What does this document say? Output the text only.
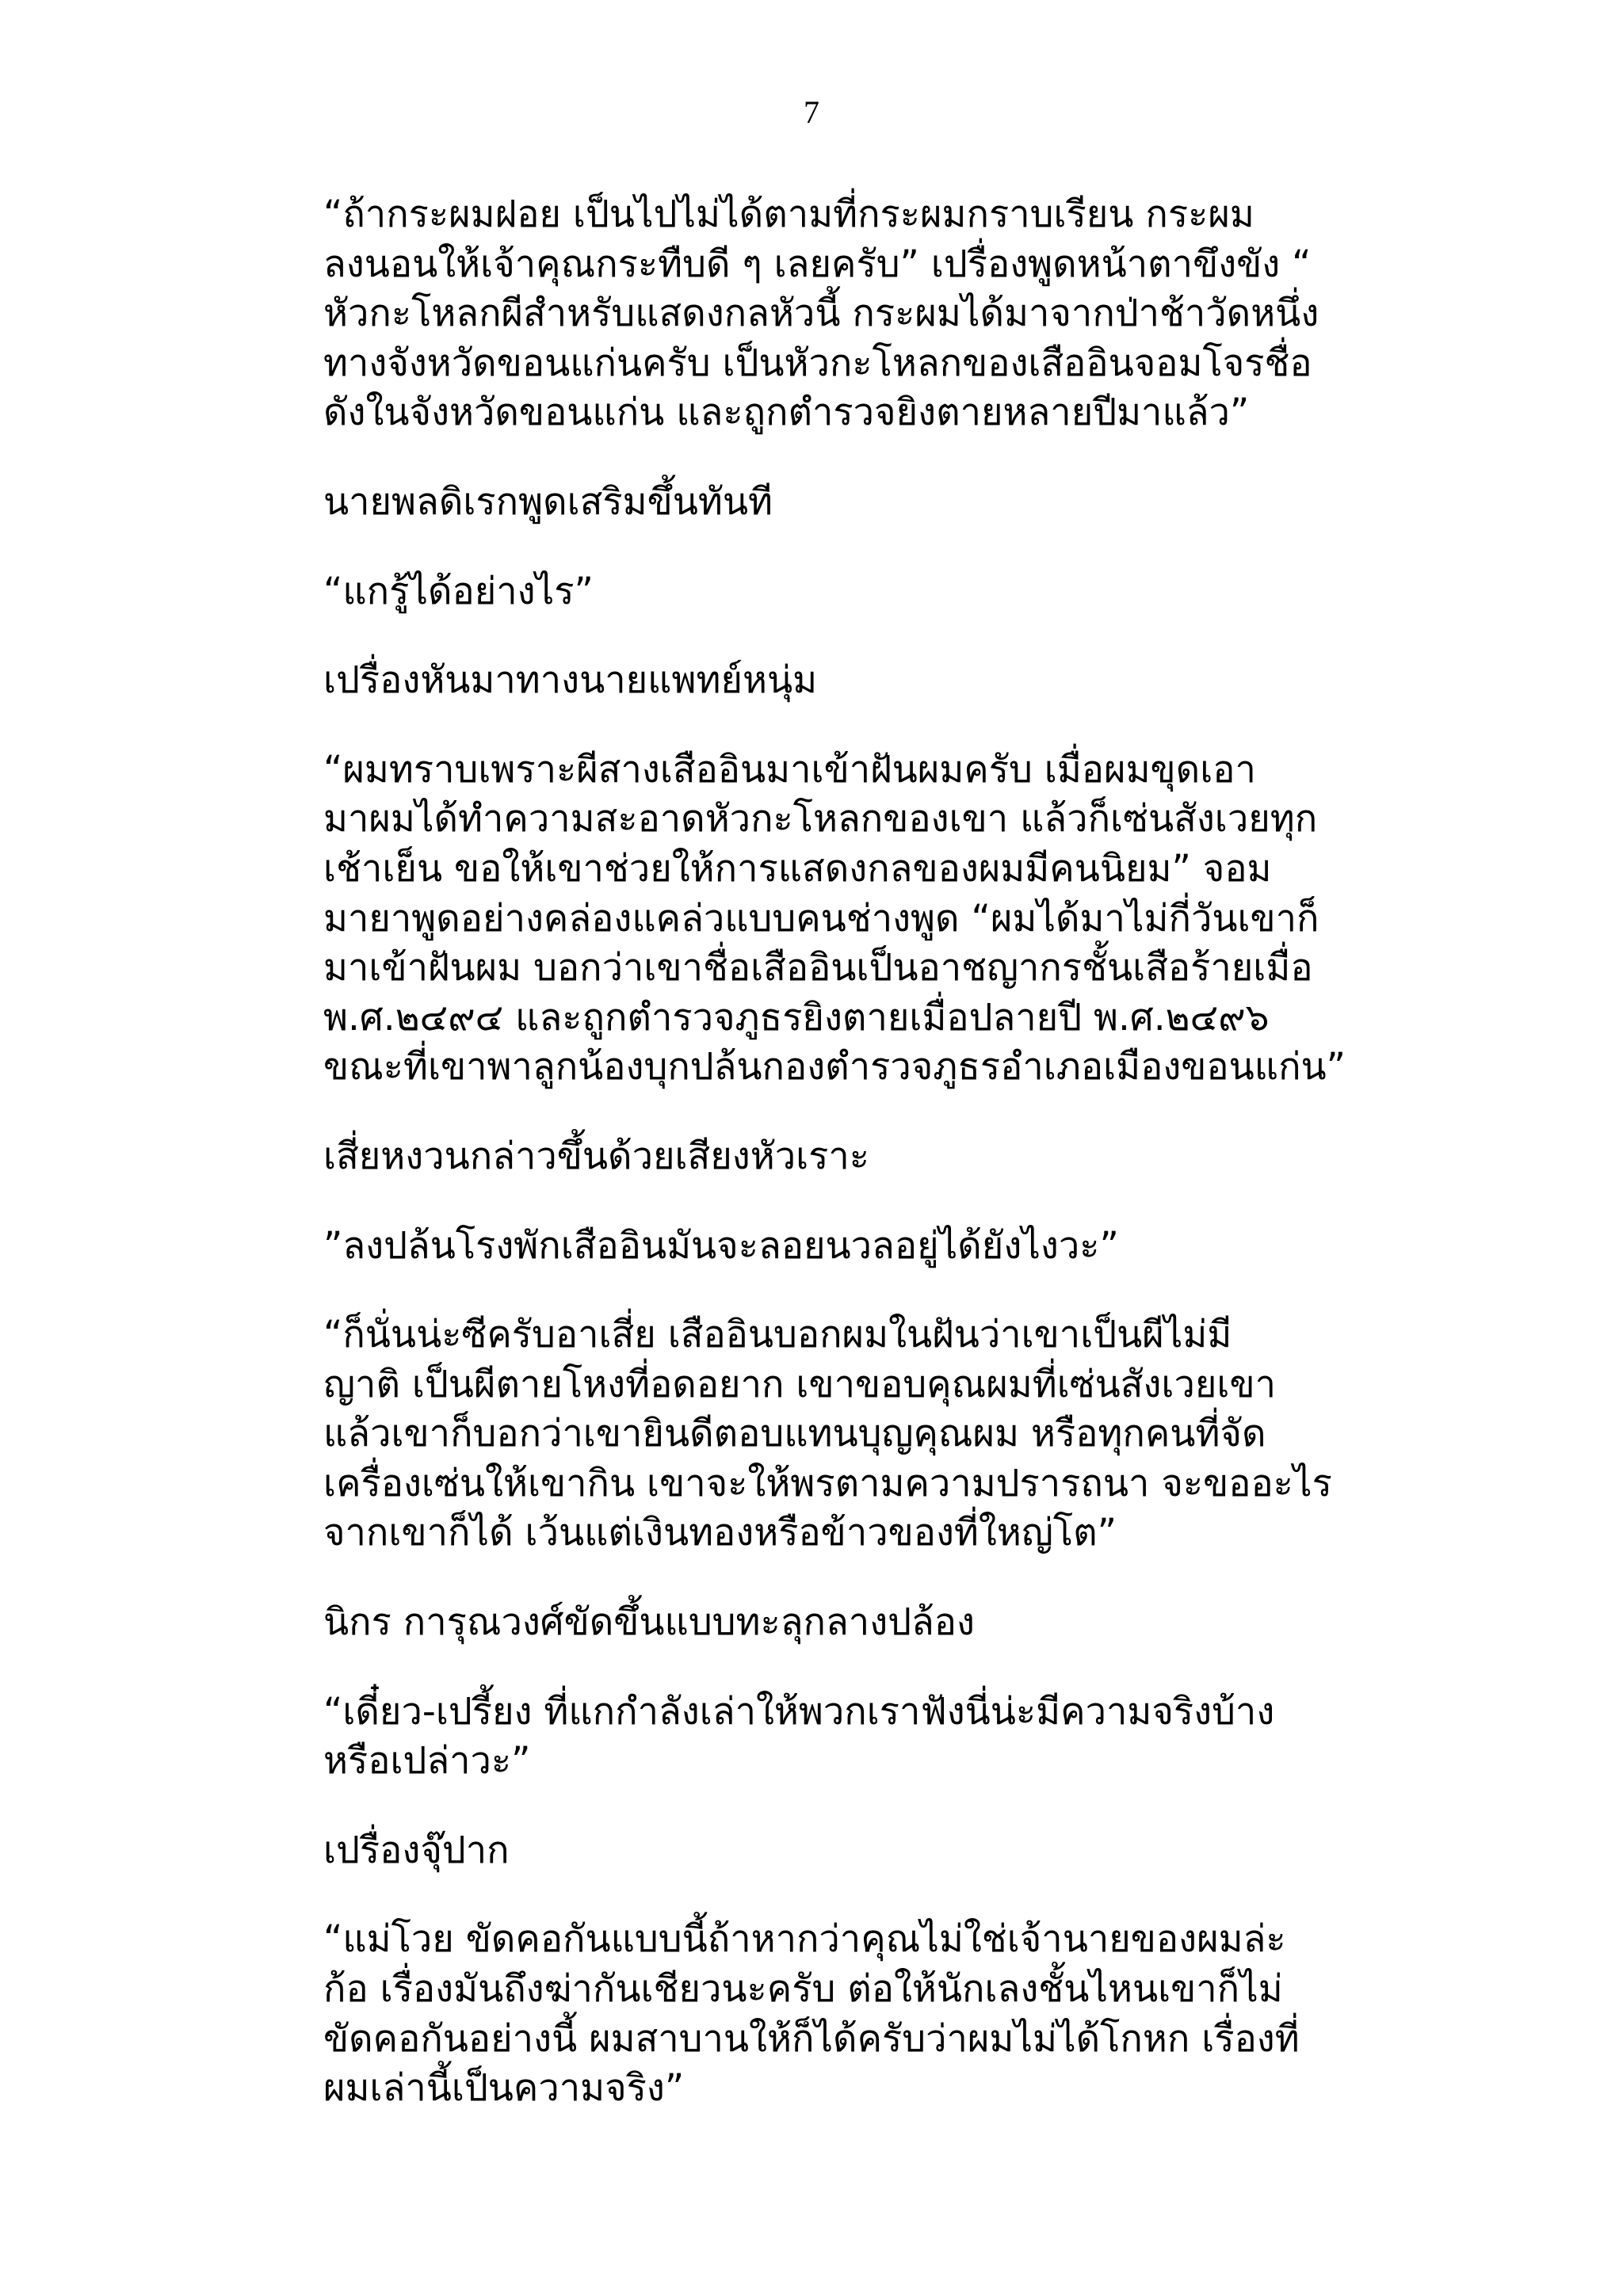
7
“ถ้ากระผมฝอย เป็นไปไม่ได้ตามที่กระผมกราบเรียน กระผม
ลงนอนให้เจ้าคุณกระทืบดี ๆ เลยครับ” เปรื่องพูดหน้าตาขึงขัง “
หัวกะโหลกผีสำหรับแสดงกลหัวนี้ กระผมได้มาจากป่าช้าวัดหนึ่ง
ทางจังหวัดขอนแก่นครับ เป็นหัวกะโหลกของเสืออินจอมโจรชื่อ
ดังในจังหวัดขอนแก่น และถูกตำรวจยิงตายหลายปีมาแล้ว”
นายพลดิเรกพูดเสริมขึ้นทันที
“แกรู้ได้อย่างไร”
เปรื่องหันมาทางนายแพทย์หนุ่ม
“ผมทราบเพราะผีสางเสืออินมาเข้าฝันผมครับ เมื่อผมขุดเอา
มาผมได้ทำความสะอาดหัวกะโหลกของเขา แล้วก็เซ่นสังเวยทุก
เช้าเย็น ขอให้เขาช่วยให้การแสดงกลของผมมีคนนิยม” จอม
มายาพูดอย่างคล่องแคล่วแบบคนช่างพูด “ผมได้มาไม่กี่วันเขาก็
มาเข้าฝันผม บอกว่าเขาชื่อเสืออินเป็นอาชญากรชั้นเสือร้ายเมื่อ
พ.ศ.๒๔๙๔ และถูกตำรวจภูธรยิงตายเมื่อปลายปี พ.ศ.๒๔๙๖
ขณะที่เขาพาลูกน้องบุกปล้นกองตำรวจภูธรอำเภอเมืองขอนแก่น”
เสี่ยหงวนกล่าวขึ้นด้วยเสียงหัวเราะ
”ลงปล้นโรงพักเสืออินมันจะลอยนวลอยู่ได้ยังไงวะ”
“ก็นั่นน่ะซีครับอาเสี่ย เสืออินบอกผมในฝันว่าเขาเป็นผีไม่มี
ญาติ เป็นผีตายโหงที่อดอยาก เขาขอบคุณผมที่เซ่นสังเวยเขา
แล้วเขาก็บอกว่าเขายินดีตอบแทนบุญคุณผม หรือทุกคนที่จัด
เครื่องเซ่นให้เขากิน เขาจะให้พรตามความปรารถนา จะขออะไร
จากเขาก็ได้ เว้นแต่เงินทองหรือข้าวของที่ใหญ่โต”
นิกร การุณวงศ์ขัดขึ้นแบบทะลุกลางปล้อง
“เดี๋ยว-เปรี้ยง ที่แกกำลังเล่าให้พวกเราฟังนี่น่ะมีความจริงบ้าง
หรือเปล่าวะ”
เปรื่องจุ๊ปาก
“แม่โวย ขัดคอกันแบบนี้ถ้าหากว่าคุณไม่ใช่เจ้านายของผมล่ะ
ก้อ เรื่องมันถึงฆ่ากันเชียวนะครับ ต่อให้นักเลงชั้นไหนเขาก็ไม่
ขัดคอกันอย่างนี้ ผมสาบานให้ก็ได้ครับว่าผมไม่ได้โกหก เรื่องที่
ผมเล่านี้เป็นความจริง”
